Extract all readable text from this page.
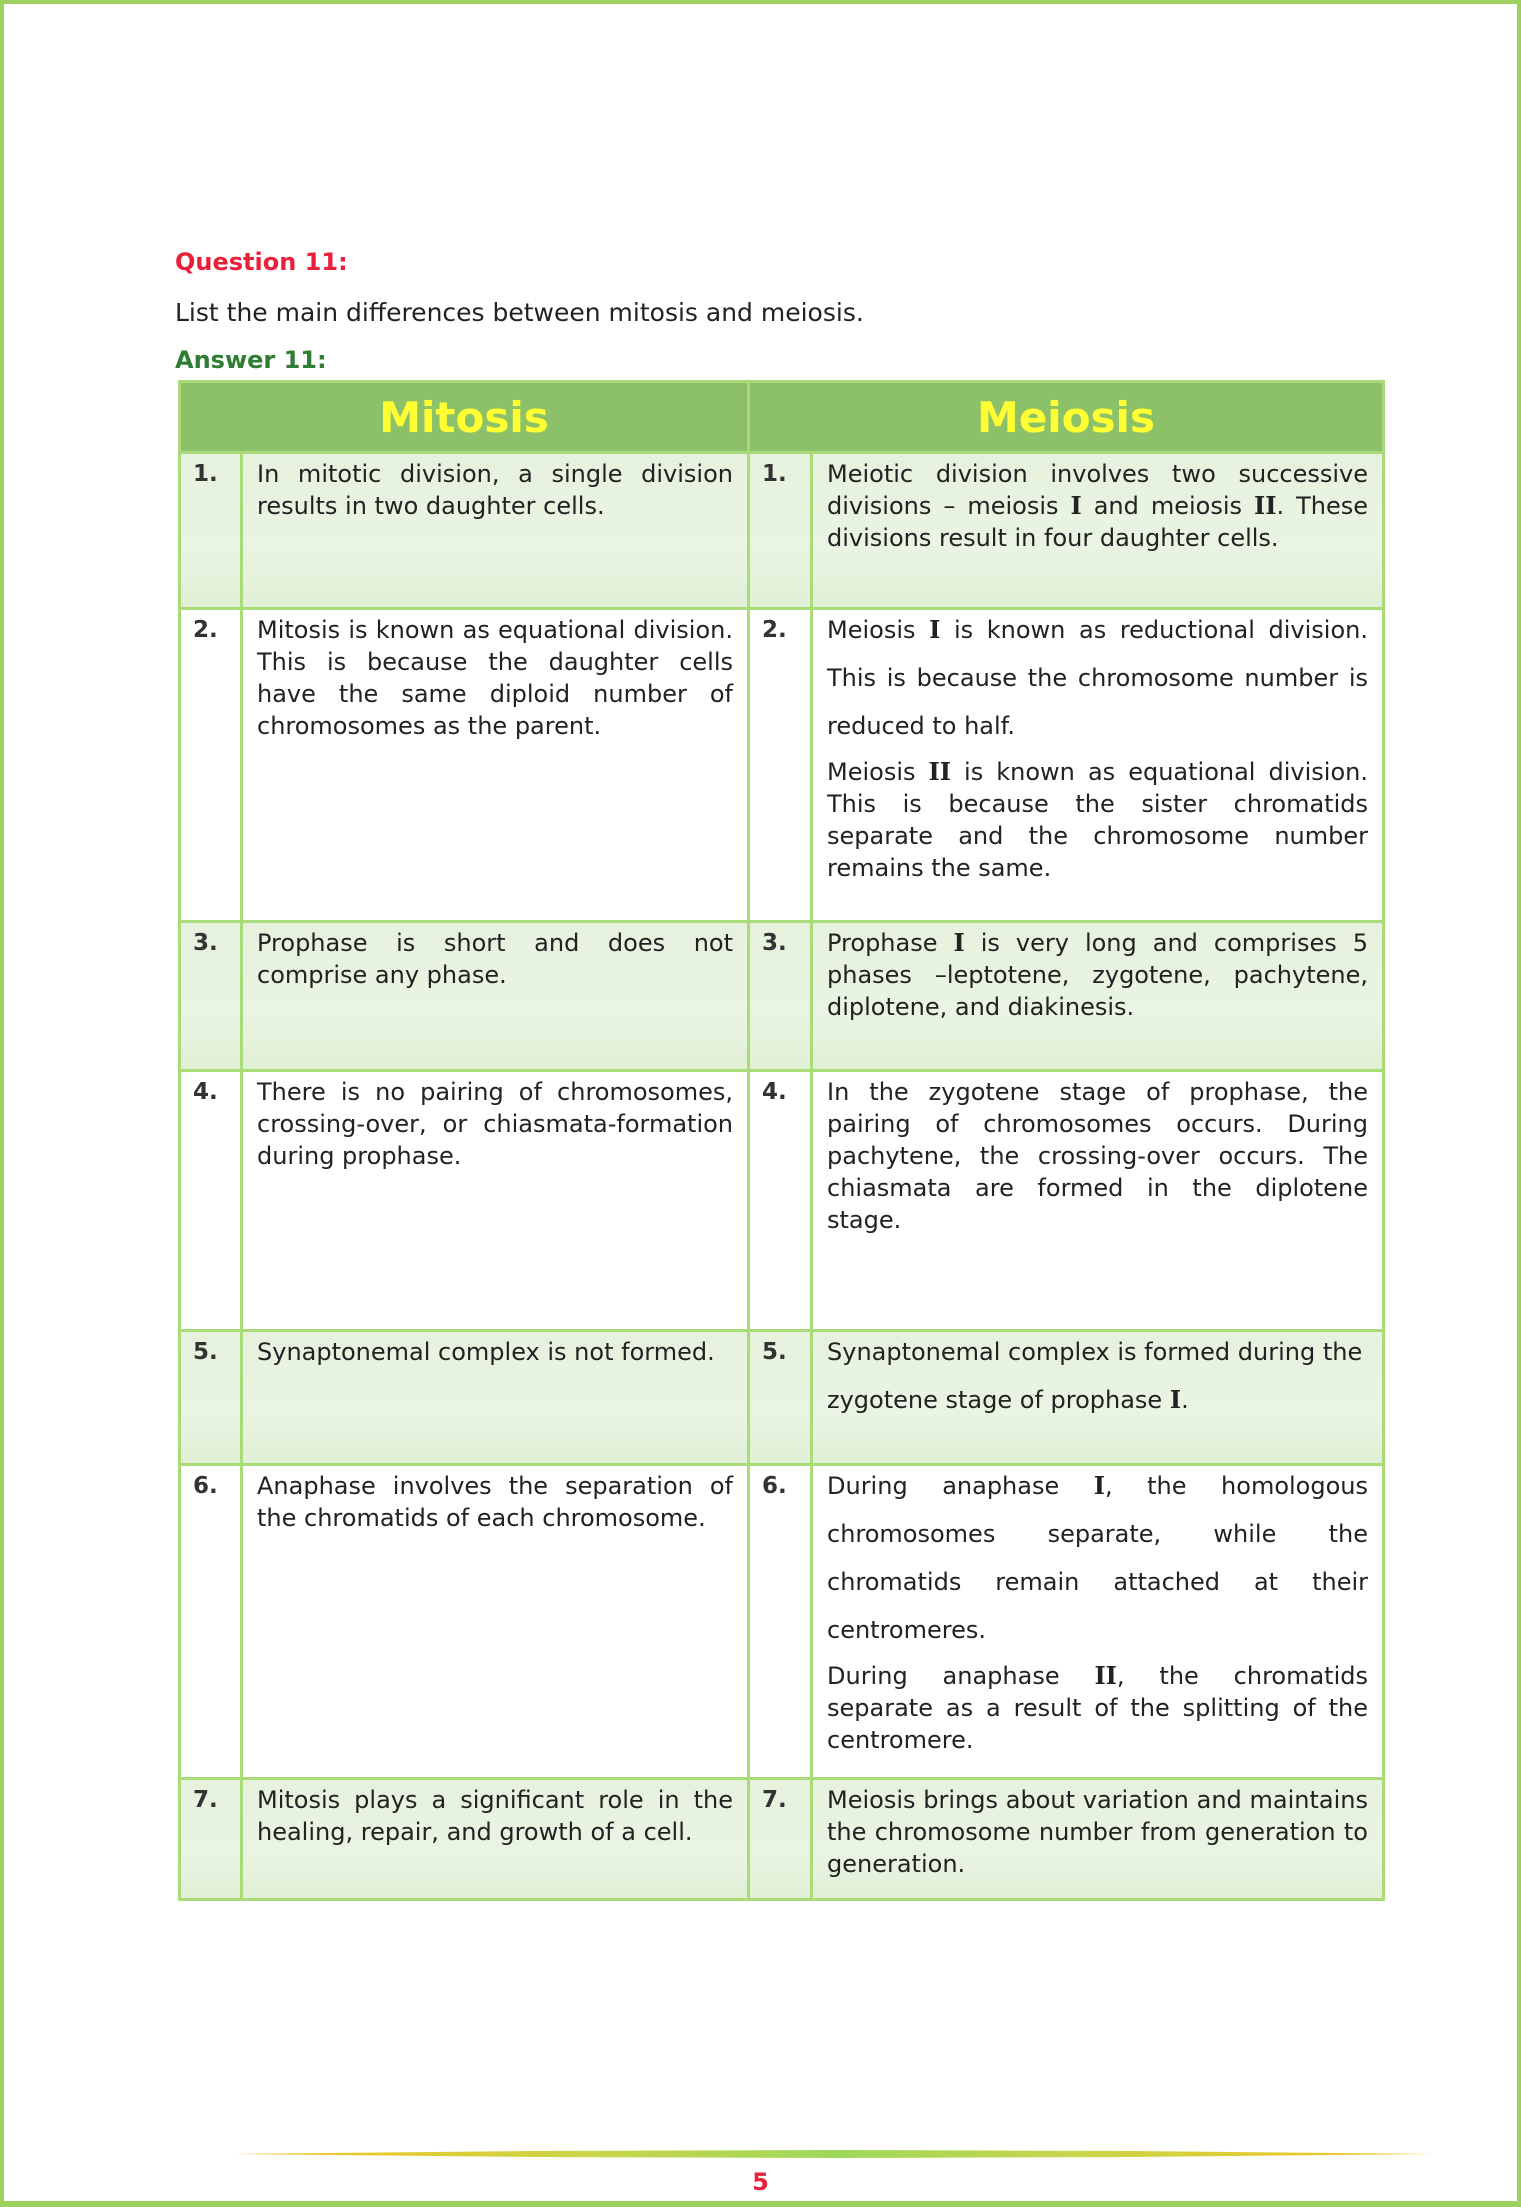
Question 11:
List the main differences between mitosis and meiosis.
Answer 11:
Mitosis		Meiosis	
1.	In mitotic division, a single division results in two daughter cells.	1.	Meiotic division involves two successive divisions – meiosis I and meiosis II. These divisions result in four daughter cells.
2.	Mitosis is known as equational division. This is because the daughter cells have the same diploid number of chromosomes as the parent.	2.	Meiosis I is known as reductional division. This is because the chromosome number is reduced to half.
Meiosis II is known as equational division. This is because the sister chromatids separate and the chromosome number remains the same.

3.	Prophase is short and does not comprise any phase.	3.	Prophase I is very long and comprises 5 phases –leptotene, zygotene, pachytene, diplotene, and diakinesis.
4.	There is no pairing of chromosomes, crossing-over, or chiasmata-formation during prophase.	4.	In the zygotene stage of prophase, the pairing of chromosomes occurs. During pachytene, the crossing-over occurs. The chiasmata are formed in the diplotene stage.
5.	Synaptonemal complex is not formed.	5.	Synaptonemal complex is formed during the zygotene stage of prophase I.

6.	Anaphase involves the separation of the chromatids of each chromosome.	6.	During anaphase I, the homologous chromosomes separate, while the chromatids remain attached at their centromeres.
During anaphase II, the chromatids separate as a result of the splitting of the centromere.

7.	Mitosis plays a significant role in the healing, repair, and growth of a cell.	7.	Meiosis brings about variation and maintains the chromosome number from generation to generation.
5
